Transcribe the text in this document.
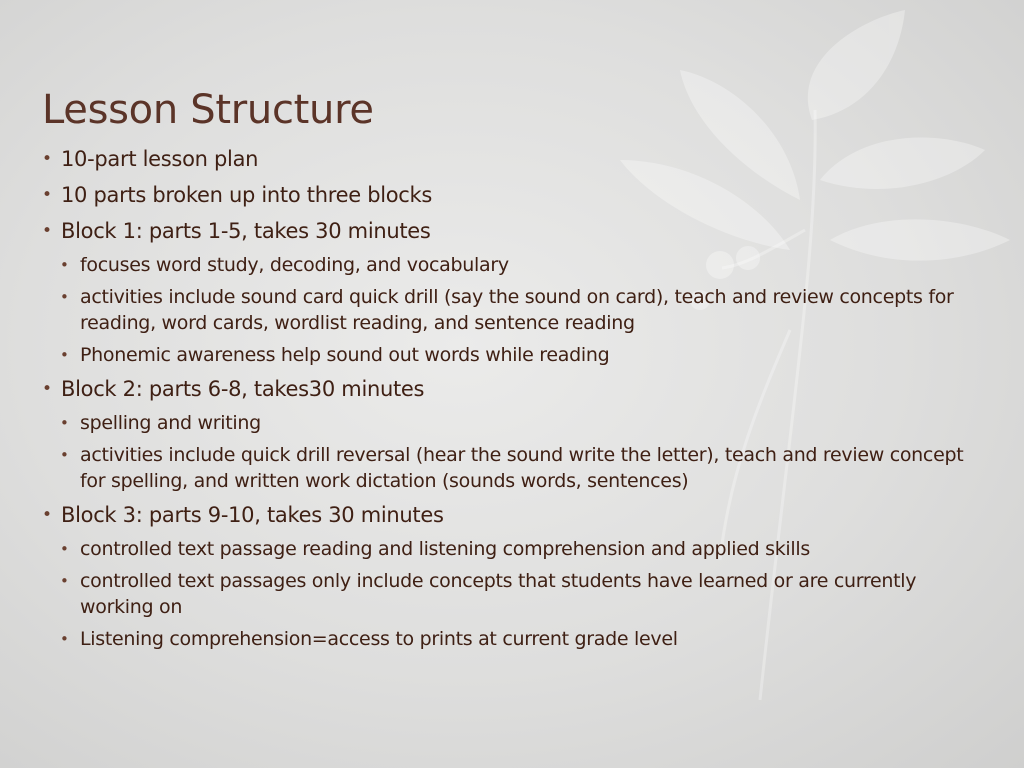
Lesson Structure
• 10-part lesson plan
• 10 parts broken up into three blocks
• Block 1: parts 1-5, takes 30 minutes
• focuses word study, decoding, and vocabulary
• activities include sound card quick drill (say the sound on card), teach and review concepts for reading, word cards, wordlist reading, and sentence reading
• Phonemic awareness help sound out words while reading
• Block 2: parts 6-8, takes30 minutes
• spelling and writing
• activities include quick drill reversal (hear the sound write the letter), teach and review concept for spelling, and written work dictation (sounds words, sentences)
• Block 3: parts 9-10, takes 30 minutes
• controlled text passage reading and listening comprehension and applied skills
• controlled text passages only include concepts that students have learned or are currently working on
• Listening comprehension=access to prints at current grade level
